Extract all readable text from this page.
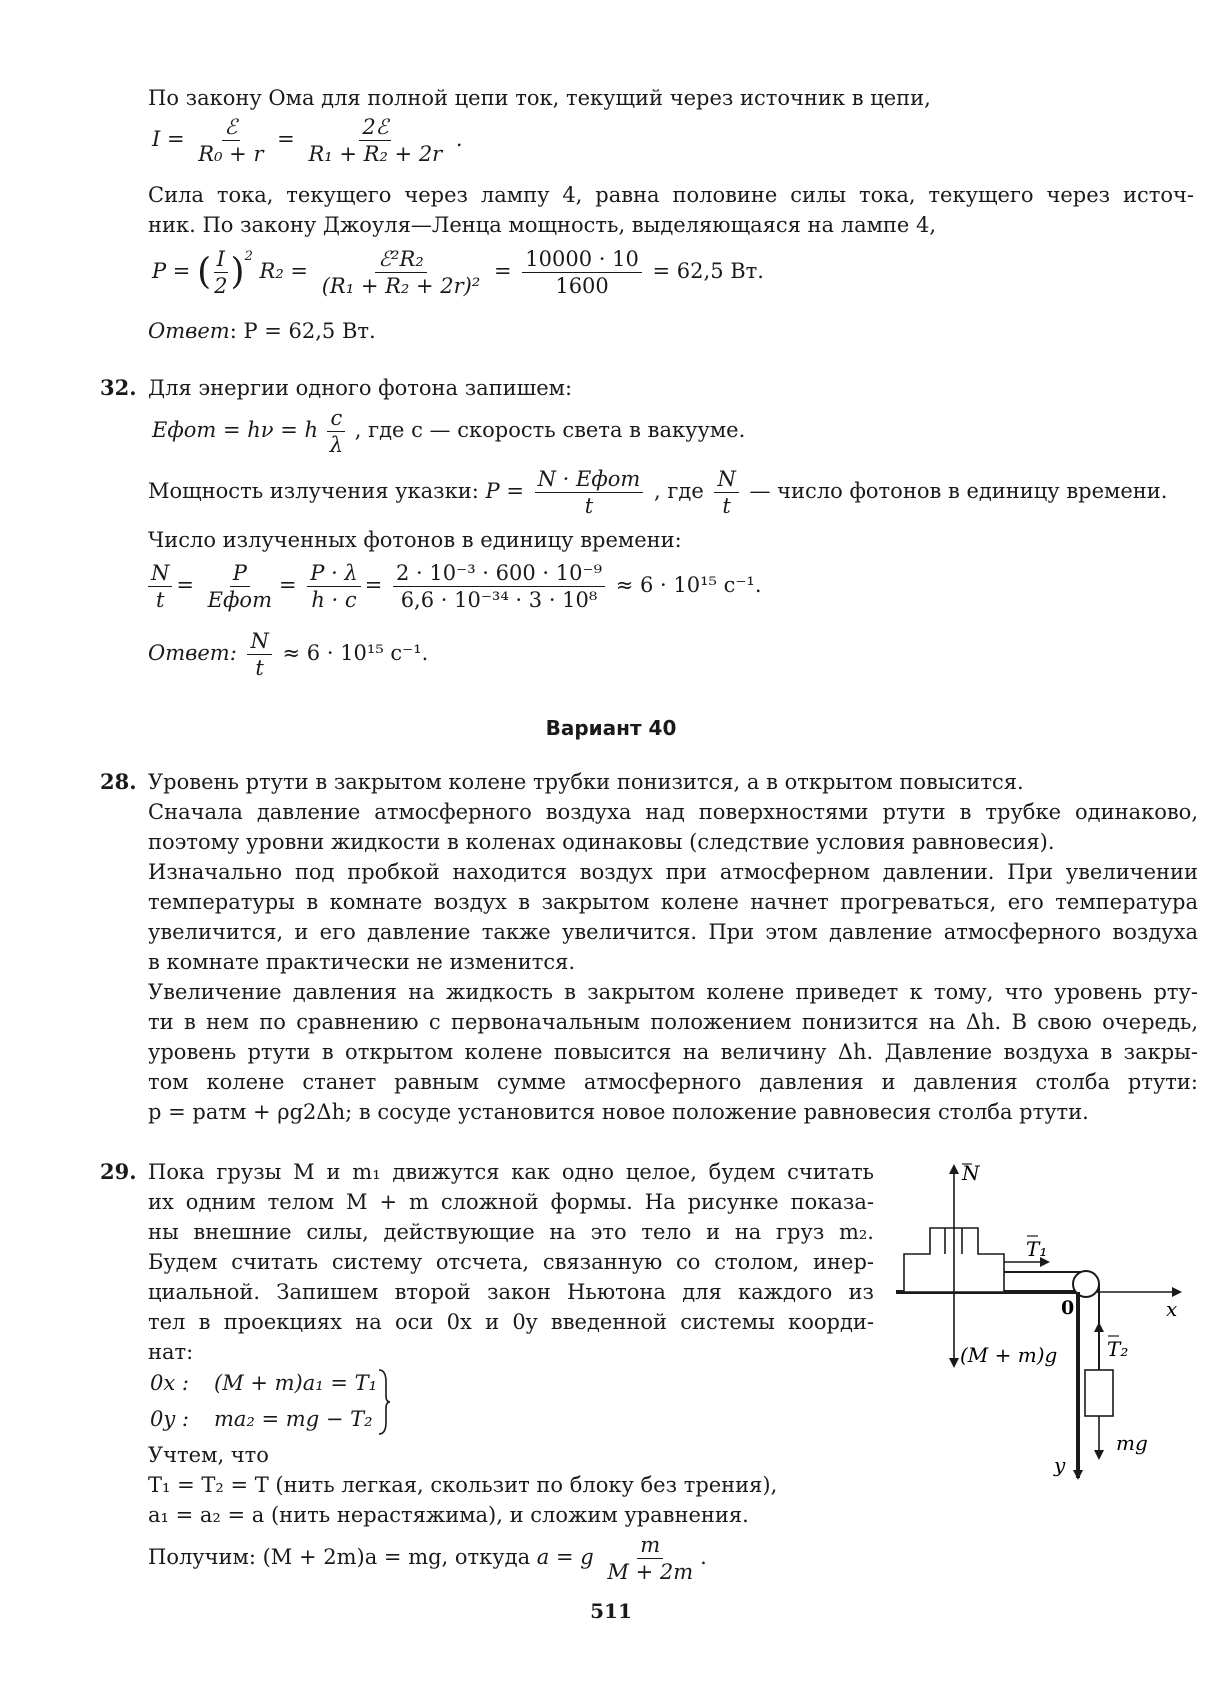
По закону Ома для полной цепи ток, текущий через источник в цепи,
$I = \frac{\text{ℰ}}{\text{R₀ + r}} = \frac{\text{2ℰ}}{\text{R₁ + R₂ + 2r}}$ .
Сила тока, текущего через лампу 4, равна половине силы тока, текущего через источ-
ник. По закону Джоуля—Ленца мощность, выделяющаяся на лампе 4,
P = ( $\frac{I}{2} )^2$ $R_2 = \frac{\text{ℰ²R₂}}{\text{(R₁ + R₂ + 2r)²}} = \frac{10000 \cdot 10}{1600} = 62,5$ Вт.
Ответ: P = 62,5 Вт.
32. Для энергии одного фотона запишем:
Eфот = hν = h $\frac{c}{\lambda}$ , где c — скорость света в вакууме.
Мощность излучения указки: $P = \frac{\text{N · Eфот}}{t}$ , где $\frac{N}{t}$ — число фотонов в единицу времени.
Число излученных фотонов в единицу времени:
$\frac{N}{t} = \frac{P}{\text{Eфот}} = \frac{P \cdot \lambda}{h \cdot c} = \frac{\text{2 · 10⁻³ · 600 · 10⁻⁹}}{\text{6,6 · 10⁻³⁴ · 3 · 10⁸}} \approx 6 \cdot 10^{15}$ с⁻¹.
Ответ: $\frac{N}{t} \approx 6 \cdot 10^{15}$ с⁻¹.
Вариант 40
28. Уровень ртути в закрытом колене трубки понизится, а в открытом повысится.
Сначала давление атмосферного воздуха над поверхностями ртути в трубке одинаково,
поэтому уровни жидкости в коленах одинаковы (следствие условия равновесия).
Изначально под пробкой находится воздух при атмосферном давлении. При увеличении
температуры в комнате воздух в закрытом колене начнет прогреваться, его температура
увеличится, и его давление также увеличится. При этом давление атмосферного воздуха
в комнате практически не изменится.
Увеличение давления на жидкость в закрытом колене приведет к тому, что уровень рту-
ти в нем по сравнению с первоначальным положением понизится на Δh. В свою очередь,
уровень ртути в открытом колене повысится на величину Δh. Давление воздуха в закры-
том колене станет равным сумме атмосферного давления и давления столба ртути:
p = pатм + ρg2Δh; в сосуде установится новое положение равновесия столба ртути.
29. Пока грузы M и m₁ движутся как одно целое, будем считать
их одним телом M + m сложной формы. На рисунке показа-
ны внешние силы, действующие на это тело и на груз m₂.
Будем считать систему отсчета, связанную со столом, инер-
циальной. Запишем второй закон Ньютона для каждого из
тел в проекциях на оси 0x и 0y введенной системы коорди-
нат:
0x : (M + m)a₁ = T₁
0y : ma₂ = mg − T₂
Учтем, что
T₁ = T₂ = T (нить легкая, скользит по блоку без трения),
a₁ = a₂ = a (нить нерастяжима), и сложим уравнения.
Получим: (M + 2m)a = mg, откуда a = g $\frac{m}{M + 2m}$ .
N
T₁
x
0
T₂
(M + m)g
mg
y
511
